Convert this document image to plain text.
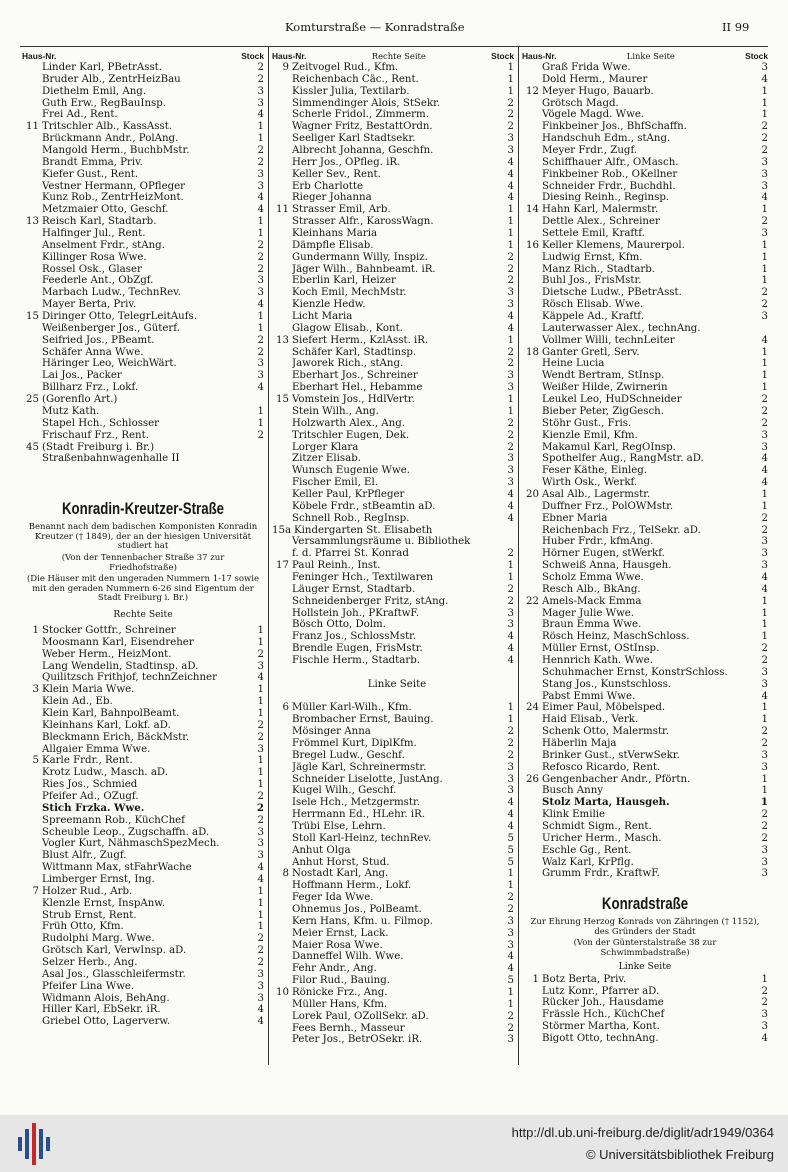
Komturstraße — Konradstraße	II 99
Haus-Nr.	Stock
Linder Karl, PBetrAsst.	2
Bruder Alb., ZentrHeizBau	2
Diethelm Emil, Ang.	3
Guth Erw., RegBauInsp.	3
Frei Ad., Rent.	4
11 Tritschler Alb., KassAsst.	1
Brückmann Andr., PolAng.	1
Mangold Herm., BuchbMstr.	2
Brandt Emma, Priv.	2
Kiefer Gust., Rent.	3
Vestner Hermann, OPfleger	3
Kunz Rob., ZentrHeizMont.	4
Metzmaier Otto, Geschf.	4
13 Reisch Karl, Stadtarb.	1
Halfinger Jul., Rent.	1
Anselment Frdr., stAng.	2
Killinger Rosa Wwe.	2
Rossel Osk., Glaser	2
Feederle Ant., ObZgf.	3
Marbach Ludw., TechnRev.	3
Mayer Berta, Priv.	4
15 Diringer Otto, TelegrLeitAufs.	1
Weißenberger Jos., Güterf.	1
Seifried Jos., PBeamt.	2
Schäfer Anna Wwe.	2
Häringer Leo, WeichWärt.	3
Lai Jos., Packer	3
Billharz Frz., Lokf.	4
25 (Gorenflo Art.)
Mutz Kath.	1
Stapel Hch., Schlosser	1
Frischauf Frz., Rent.	2
45 (Stadt Freiburg i. Br.)
Straßenbahnwagenhalle II
Konradin-Kreutzer-Straße
Benannt nach dem badischen Komponisten Konradin Kreutzer († 1849), der an der hiesigen Universität studiert hat
(Von der Tennenbacher Straße 37 zur Friedhofstraße)
(Die Häuser mit den ungeraden Nummern 1-17 sowie mit den geraden Nummern 6-26 sind Eigentum der Stadt Freiburg i. Br.)
Rechte Seite
1 Stocker Gottfr., Schreiner	1
Moosmann Karl, Eisendreher	1
Weber Herm., HeizMont.	2
Lang Wendelin, Stadtinsp. aD.	3
Quilitzsch Frithjof, technZeichner	4
3 Klein Maria Wwe.	1
Klein Ad., Eb.	1
Klein Karl, BahnpolBeamt.	1
Kleinhans Karl, Lokf. aD.	2
Bleckmann Erich, BäckMstr.	2
Allgaier Emma Wwe.	3
5 Karle Frdr., Rent.	1
Krotz Ludw., Masch. aD.	1
Ries Jos., Schmied	1
Pfeifer Ad., OZugf.	2
Stich Frzka. Wwe.	2
Spreemann Rob., KüchChef	2
Scheuble Leop., Zugschaffn. aD.	3
Vogler Kurt, NähmaschSpezMech.	3
Blust Alfr., Zugf.	3
Wittmann Max, stFahrWache	4
Limberger Ernst, Ing.	4
7 Holzer Rud., Arb.	1
Klenzle Ernst, InspAnw.	1
Strub Ernst, Rent.	1
Früh Otto, Kfm.	1
Rudolphi Marg. Wwe.	2
Grötsch Karl, VerwInsp. aD.	2
Selzer Herb., Ang.	2
Asal Jos., Glasschleifermstr.	3
Pfeifer Lina Wwe.	3
Widmann Alois, BehAng.	3
Hiller Karl, EbSekr. iR.	4
Griebel Otto, Lagerverw.	4
Haus-Nr.	Rechte Seite	Stock
9 Zeitvogel Rud., Kfm.	1
Reichenbach Cäc., Rent.	1
Kissler Julia, Textilarb.	1
Simmendinger Alois, StSekr.	2
Scherle Fridol., Zimmerm.	2
Wagner Fritz, BestattOrdn.	2
Seeliger Karl Stadtsekr.	3
Albrecht Johanna, Geschfn.	3
Herr Jos., OPfleg. iR.	4
Keller Sev., Rent.	4
Erb Charlotte	4
Rieger Johanna	4
11 Strasser Emil, Arb.	1
Strasser Alfr., KarossWagn.	1
Kleinhans Maria	1
Dämpfle Elisab.	1
Gundermann Willy, Inspiz.	2
Jäger Wilh., Bahnbeamt. iR.	2
Eberlin Karl, Heizer	2
Koch Emil, MechMstr.	3
Kienzle Hedw.	3
Licht Maria	4
Glagow Elisab., Kont.	4
13 Siefert Herm., KzlAsst. iR.	1
Schäfer Karl, Stadtinsp.	2
Jaworek Rich., stAng.	2
Eberhart Jos., Schreiner	3
Eberhart Hel., Hebamme	3
15 Vomstein Jos., HdlVertr.	1
Stein Wilh., Ang.	1
Holzwarth Alex., Ang.	2
Tritschler Eugen, Dek.	2
Lorger Klara	2
Zitzer Elisab.	3
Wunsch Eugenie Wwe.	3
Fischer Emil, El.	3
Keller Paul, KrPfleger	4
Köbele Frdr., stBeamtin aD.	4
Schnell Rob., RegInsp.	4
15a Kindergarten St. Elisabeth
Versammlungsräume u. Bibliothek
f. d. Pfarrei St. Konrad	2
17 Paul Reinh., Inst.	1
Feninger Hch., Textilwaren	1
Läuger Ernst, Stadtarb.	2
Schneidenberger Fritz, stAng.	2
Hollstein Joh., PKraftwF.	3
Bösch Otto, Dolm.	3
Franz Jos., SchlossMstr.	4
Brendle Eugen, FrisMstr.	4
Fischle Herm., Stadtarb.	4
Linke Seite
6 Müller Karl-Wilh., Kfm.	1
Brombacher Ernst, Bauing.	1
Mösinger Anna	2
Frömmel Kurt, DiplKfm.	2
Bregel Ludw., Geschf.	2
Jägle Karl, Schreinermstr.	3
Schneider Liselotte, JustAng.	3
Kugel Wilh., Geschf.	3
Isele Hch., Metzgermstr.	4
Herrmann Ed., HLehr. iR.	4
Trübi Else, Lehrn.	4
Stoll Karl-Heinz, technRev.	5
Anhut Olga	5
Anhut Horst, Stud.	5
8 Nostadt Karl, Ang.	1
Hoffmann Herm., Lokf.	1
Feger Ida Wwe.	2
Ohnemus Jos., PolBeamt.	2
Kern Hans, Kfm. u. Filmop.	3
Meier Ernst, Lack.	3
Maier Rosa Wwe.	3
Danneffel Wilh. Wwe.	4
Fehr Andr., Ang.	4
Filor Rud., Bauing.	5
10 Rönicke Frz., Ang.	1
Müller Hans, Kfm.	1
Lorek Paul, OZollSekr. aD.	2
Fees Bernh., Masseur	2
Peter Jos., BetrOSekr. iR.	3
Haus-Nr.	Linke Seite	Stock
Graß Frida Wwe.	3
Dold Herm., Maurer	4
12 Meyer Hugo, Bauarb.	1
Grötsch Magd.	1
Vögele Magd. Wwe.	1
Finkbeiner Jos., BhfSchaffn.	2
Handschuh Edm., stAng.	2
Meyer Frdr., Zugf.	2
Schiffhauer Alfr., OMasch.	3
Finkbeiner Rob., OKellner	3
Schneider Frdr., Buchdhl.	3
Diesing Reinh., Reginsp.	4
14 Hahn Karl, Malermstr.	1
Dettle Alex., Schreiner	2
Settele Emil, Kraftf.	3
16 Keller Klemens, Maurerpol.	1
Ludwig Ernst, Kfm.	1
Manz Rich., Stadtarb.	1
Buhl Jos., FrisMstr.	1
Dietsche Ludw., PBetrAsst.	2
Rösch Elisab. Wwe.	2
Käppele Ad., Kraftf.	3
Lauterwasser Alex., technAng.
Vollmer Willi, technLeiter	4
18 Ganter Gretl, Serv.	1
Heine Lucia	1
Wendt Bertram, StInsp.	1
Weißer Hilde, Zwirnerin	1
Leukel Leo, HuDSchneider	2
Bieber Peter, ZigGesch.	2
Stöhr Gust., Fris.	2
Kienzle Emil, Kfm.	3
Makamul Karl, RegOInsp.	3
Spothelfer Aug., RangMstr. aD.	4
Feser Käthe, Einleg.	4
Wirth Osk., Werkf.	4
20 Asal Alb., Lagermstr.	1
Duffner Frz., PolOWMstr.	1
Ebner Maria	2
Reichenbach Frz., TelSekr. aD.	2
Huber Frdr., kfmAng.	3
Hörner Eugen, stWerkf.	3
Schweiß Anna, Hausgeh.	3
Scholz Emma Wwe.	4
Resch Alb., BkAng.	4
22 Amels-Mack Emma	1
Mager Julie Wwe.	1
Braun Emma Wwe.	1
Rösch Heinz, MaschSchloss.	1
Müller Ernst, OStInsp.	2
Hennrich Kath. Wwe.	2
Schuhmacher Ernst, KonstrSchloss.	3
Stang Jos., Kunstschloss.	3
Pabst Emmi Wwe.	4
24 Eimer Paul, Möbelsped.	1
Haid Elisab., Verk.	1
Schenk Otto, Malermstr.	2
Häberlin Maja	2
Brinker Gust., stVerwSekr.	3
Refosco Ricardo, Rent.	3
26 Gengenbacher Andr., Pförtn.	1
Busch Anny	1
Stolz Marta, Hausgeh.	1
Klink Emilie	2
Schmidt Sigm., Rent.	2
Uricher Herm., Masch.	2
Eschle Gg., Rent.	3
Walz Karl, KrPflg.	3
Grumm Frdr., KraftwF.	3
Konradstraße
Zur Ehrung Herzog Konrads von Zähringen († 1152), des Gründers der Stadt
(Von der Günterstalstraße 38 zur Schwimmbadstraße)
Linke Seite
1 Botz Berta, Priv.	1
Lutz Konr., Pfarrer aD.	2
Rücker Joh., Hausdame	2
Frässle Hch., KüchChef	3
Störmer Martha, Kont.	3
Bigott Otto, technAng.	4
http://dl.ub.uni-freiburg.de/diglit/adr1949/0364
© Universitätsbibliothek Freiburg
